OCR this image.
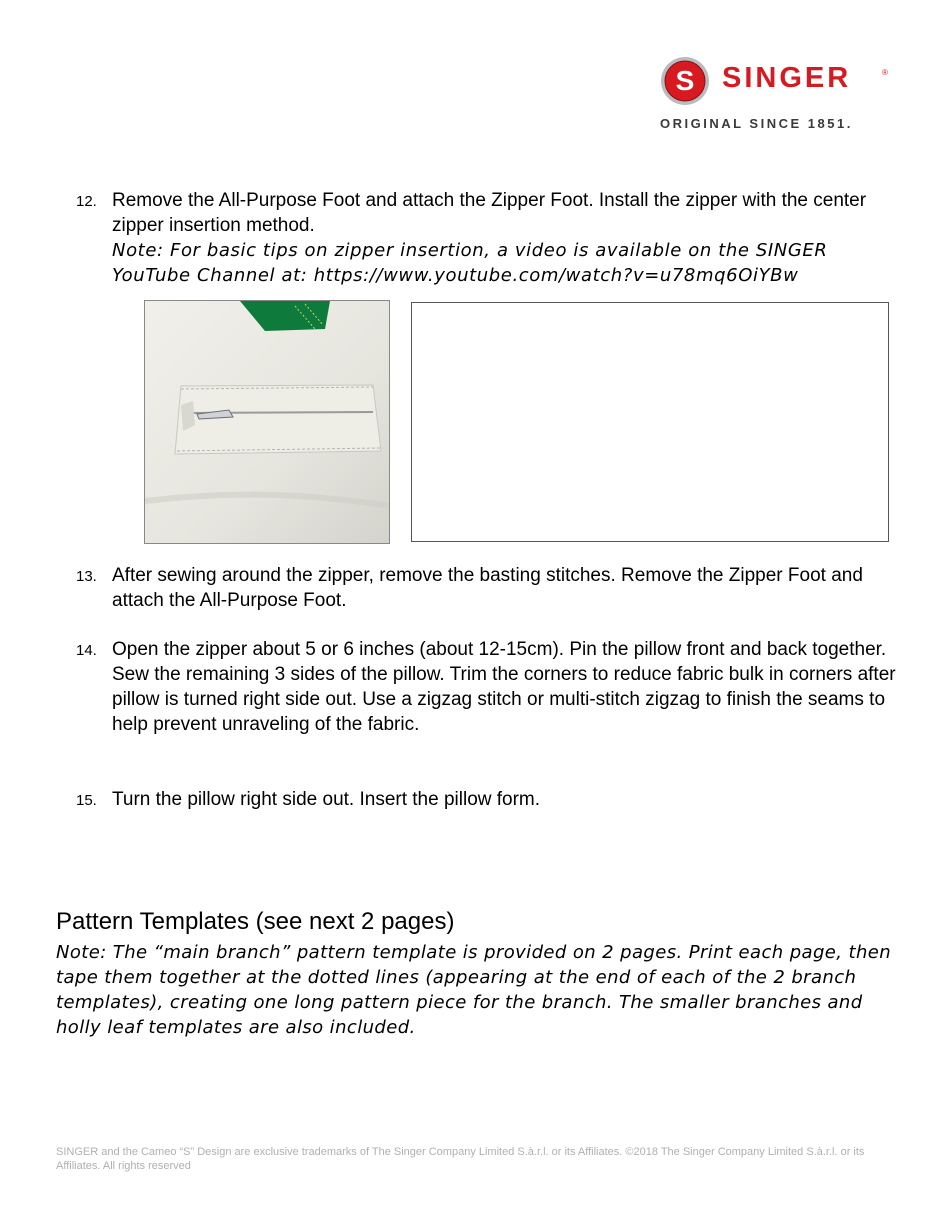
S SINGER	®
ORIGINAL SINCE 1851.
12. Remove the All-Purpose Foot and attach the Zipper Foot. Install the zipper with the center zipper insertion method.
Note: For basic tips on zipper insertion, a video is available on the SINGER YouTube Channel at: https://www.youtube.com/watch?v=u78mq6OiYBw
13. After sewing around the zipper, remove the basting stitches. Remove the Zipper Foot and attach the All-Purpose Foot.
14. Open the zipper about 5 or 6 inches (about 12-15cm). Pin the pillow front and back together. Sew the remaining 3 sides of the pillow. Trim the corners to reduce fabric bulk in corners after pillow is turned right side out. Use a zigzag stitch or multi-stitch zigzag to finish the seams to help prevent unraveling of the fabric.
15. Turn the pillow right side out. Insert the pillow form.
Pattern Templates (see next 2 pages)
Note: The “main branch” pattern template is provided on 2 pages. Print each page, then tape them together at the dotted lines (appearing at the end of each of the 2 branch templates), creating one long pattern piece for the branch. The smaller branches and holly leaf templates are also included.
SINGER and the Cameo “S” Design are exclusive trademarks of The Singer Company Limited S.à.r.l. or its Affiliates. ©2018 The Singer Company Limited S.à.r.l. or its Affiliates. All rights reserved
